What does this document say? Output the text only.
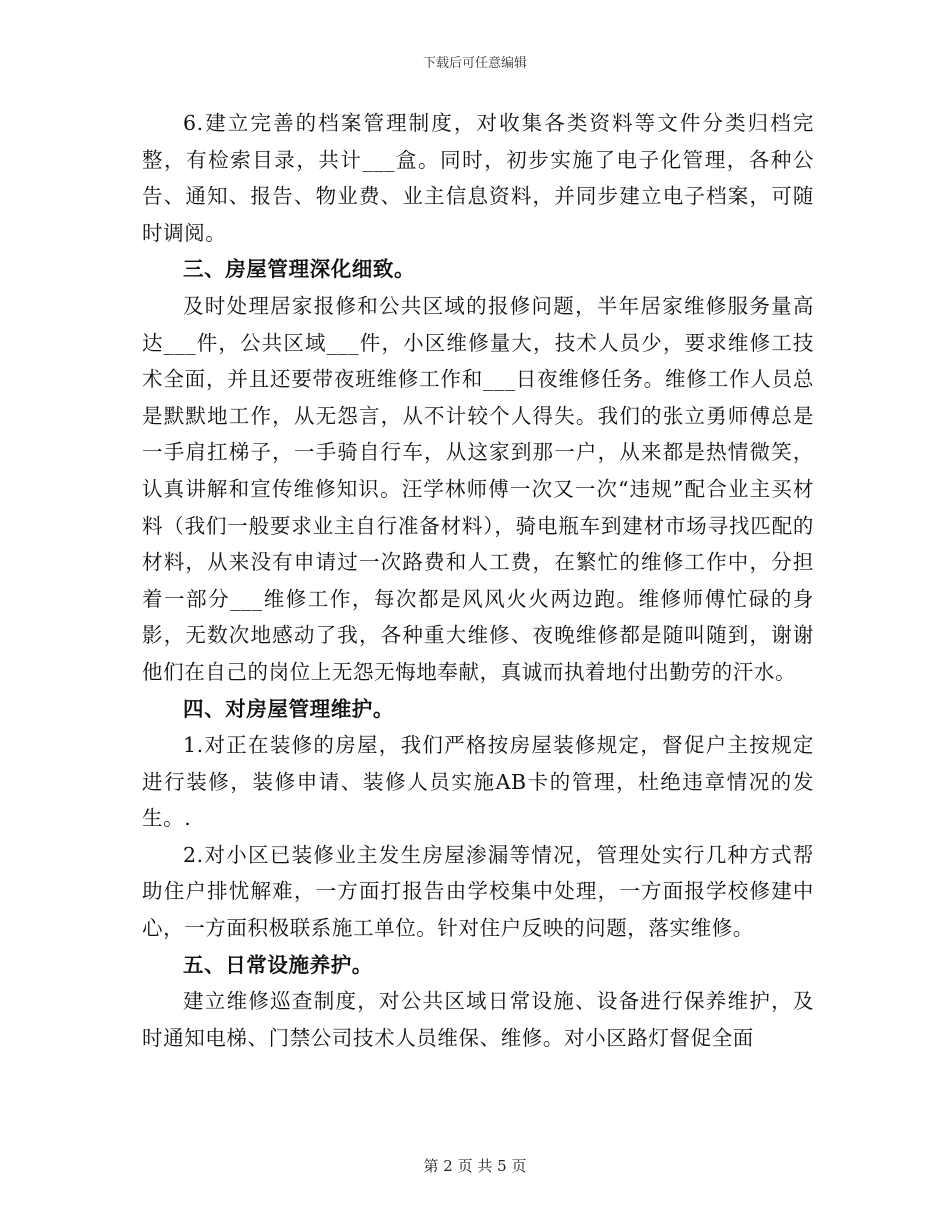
下载后可任意编辑

6.建立完善的档案管理制度，对收集各类资料等文件分类归档完整，有检索目录，共计___盒。同时，初步实施了电子化管理，各种公告、通知、报告、物业费、业主信息资料，并同步建立电子档案，可随时调阅。

三、房屋管理深化细致。

及时处理居家报修和公共区域的报修问题，半年居家维修服务量高达___件，公共区域___件，小区维修量大，技术人员少，要求维修工技术全面，并且还要带夜班维修工作和___日夜维修任务。维修工作人员总是默默地工作，从无怨言，从不计较个人得失。我们的张立勇师傅总是一手肩扛梯子，一手骑自行车，从这家到那一户，从来都是热情微笑，认真讲解和宣传维修知识。汪学林师傅一次又一次“违规”配合业主买材料（我们一般要求业主自行准备材料），骑电瓶车到建材市场寻找匹配的材料，从来没有申请过一次路费和人工费，在繁忙的维修工作中，分担着一部分___维修工作，每次都是风风火火两边跑。维修师傅忙碌的身影，无数次地感动了我，各种重大维修、夜晚维修都是随叫随到，谢谢他们在自己的岗位上无怨无悔地奉献，真诚而执着地付出勤劳的汗水。

四、对房屋管理维护。

1.对正在装修的房屋，我们严格按房屋装修规定，督促户主按规定进行装修，装修申请、装修人员实施AB卡的管理，杜绝违章情况的发生。.

2.对小区已装修业主发生房屋渗漏等情况，管理处实行几种方式帮助住户排忧解难，一方面打报告由学校集中处理，一方面报学校修建中心，一方面积极联系施工单位。针对住户反映的问题，落实维修。

五、日常设施养护。

建立维修巡查制度，对公共区域日常设施、设备进行保养维护，及时通知电梯、门禁公司技术人员维保、维修。对小区路灯督促全面

第 2 页 共 5 页
